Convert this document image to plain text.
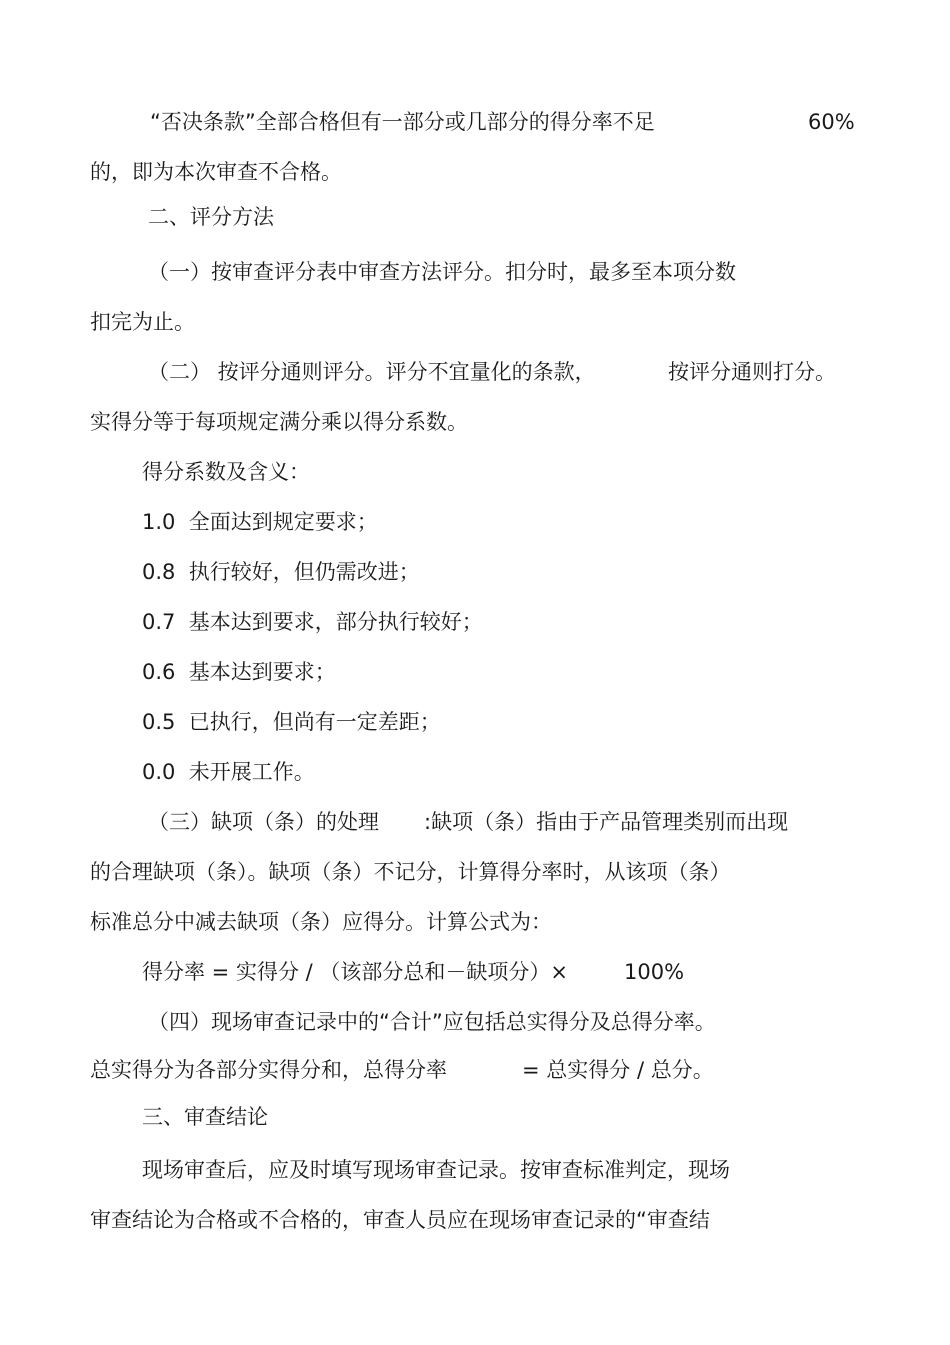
“否决条款”全部合格但有一部分或几部分的得分率不足	60%
的，即为本次审查不合格。
二、评分方法
（一）按审查评分表中审查方法评分。扣分时，最多至本项分数
扣完为止。
（二） 按评分通则评分。评分不宜量化的条款，	按评分通则打分。
实得分等于每项规定满分乘以得分系数。
得分系数及含义：
1.0  全面达到规定要求；
0.8  执行较好，但仍需改进；
0.7  基本达到要求，部分执行较好；
0.6  基本达到要求；
0.5  已执行，但尚有一定差距；
0.0  未开展工作。
（三）缺项（条）的处理 :缺项（条）指由于产品管理类别而出现
的合理缺项（条）。缺项（条）不记分，计算得分率时，从该项（条）
标准总分中减去缺项（条）应得分。计算公式为：
得分率 = 实得分 / （该部分总和－缺项分）×	100%
（四）现场审查记录中的“合计”应包括总实得分及总得分率。
总实得分为各部分实得分和，总得分率	= 总实得分 / 总分。
三、审查结论
现场审查后，应及时填写现场审查记录。按审查标准判定，现场
审查结论为合格或不合格的，审查人员应在现场审查记录的“审查结
